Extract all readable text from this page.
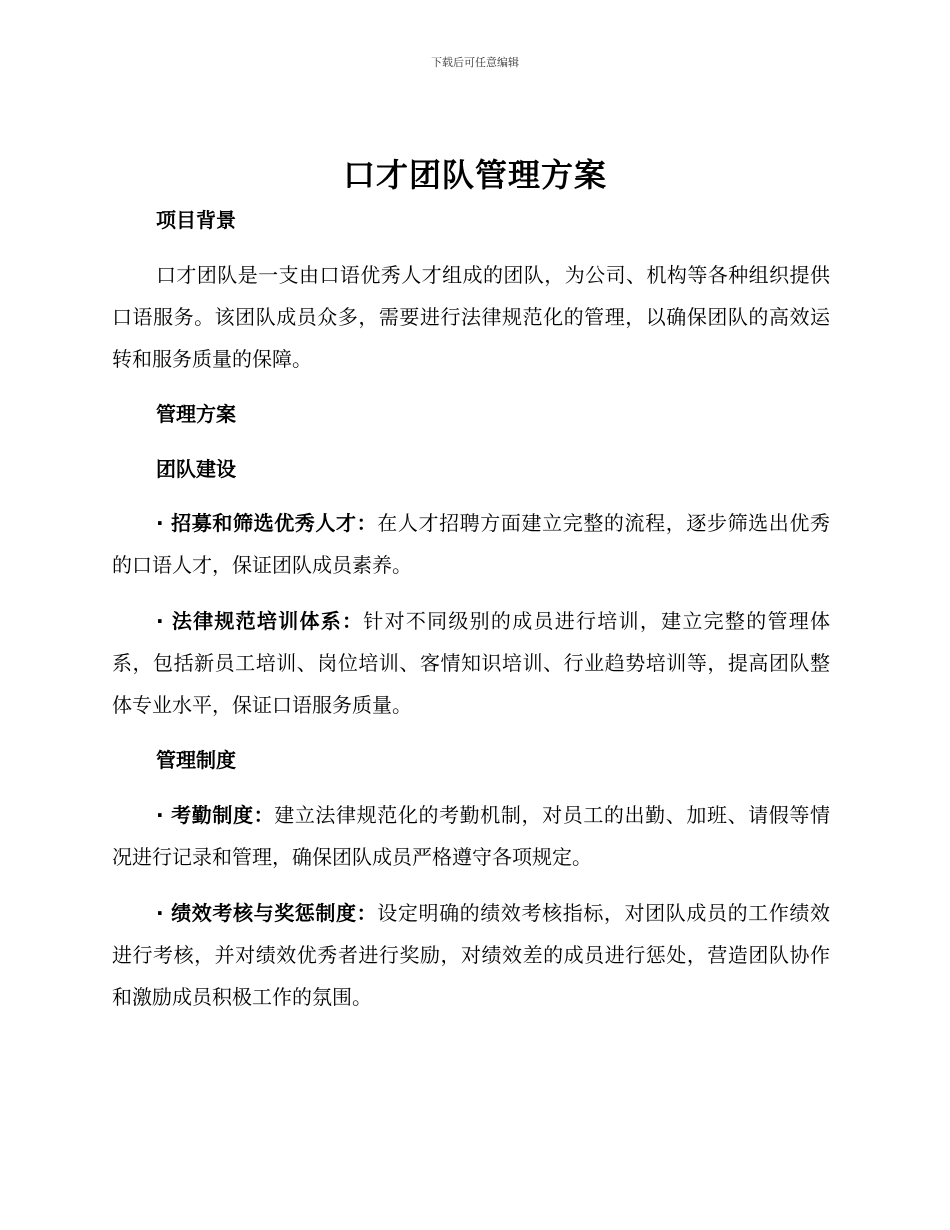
下载后可任意编辑
口才团队管理方案
项目背景
口才团队是一支由口语优秀人才组成的团队，为公司、机构等各种组织提供口语服务。该团队成员众多，需要进行法律规范化的管理，以确保团队的高效运转和服务质量的保障。
管理方案
团队建设
· 招募和筛选优秀人才：在人才招聘方面建立完整的流程，逐步筛选出优秀的口语人才，保证团队成员素养。
· 法律规范培训体系：针对不同级别的成员进行培训，建立完整的管理体系，包括新员工培训、岗位培训、客情知识培训、行业趋势培训等，提高团队整体专业水平，保证口语服务质量。
管理制度
· 考勤制度：建立法律规范化的考勤机制，对员工的出勤、加班、请假等情况进行记录和管理，确保团队成员严格遵守各项规定。
· 绩效考核与奖惩制度：设定明确的绩效考核指标，对团队成员的工作绩效进行考核，并对绩效优秀者进行奖励，对绩效差的成员进行惩处，营造团队协作和激励成员积极工作的氛围。
